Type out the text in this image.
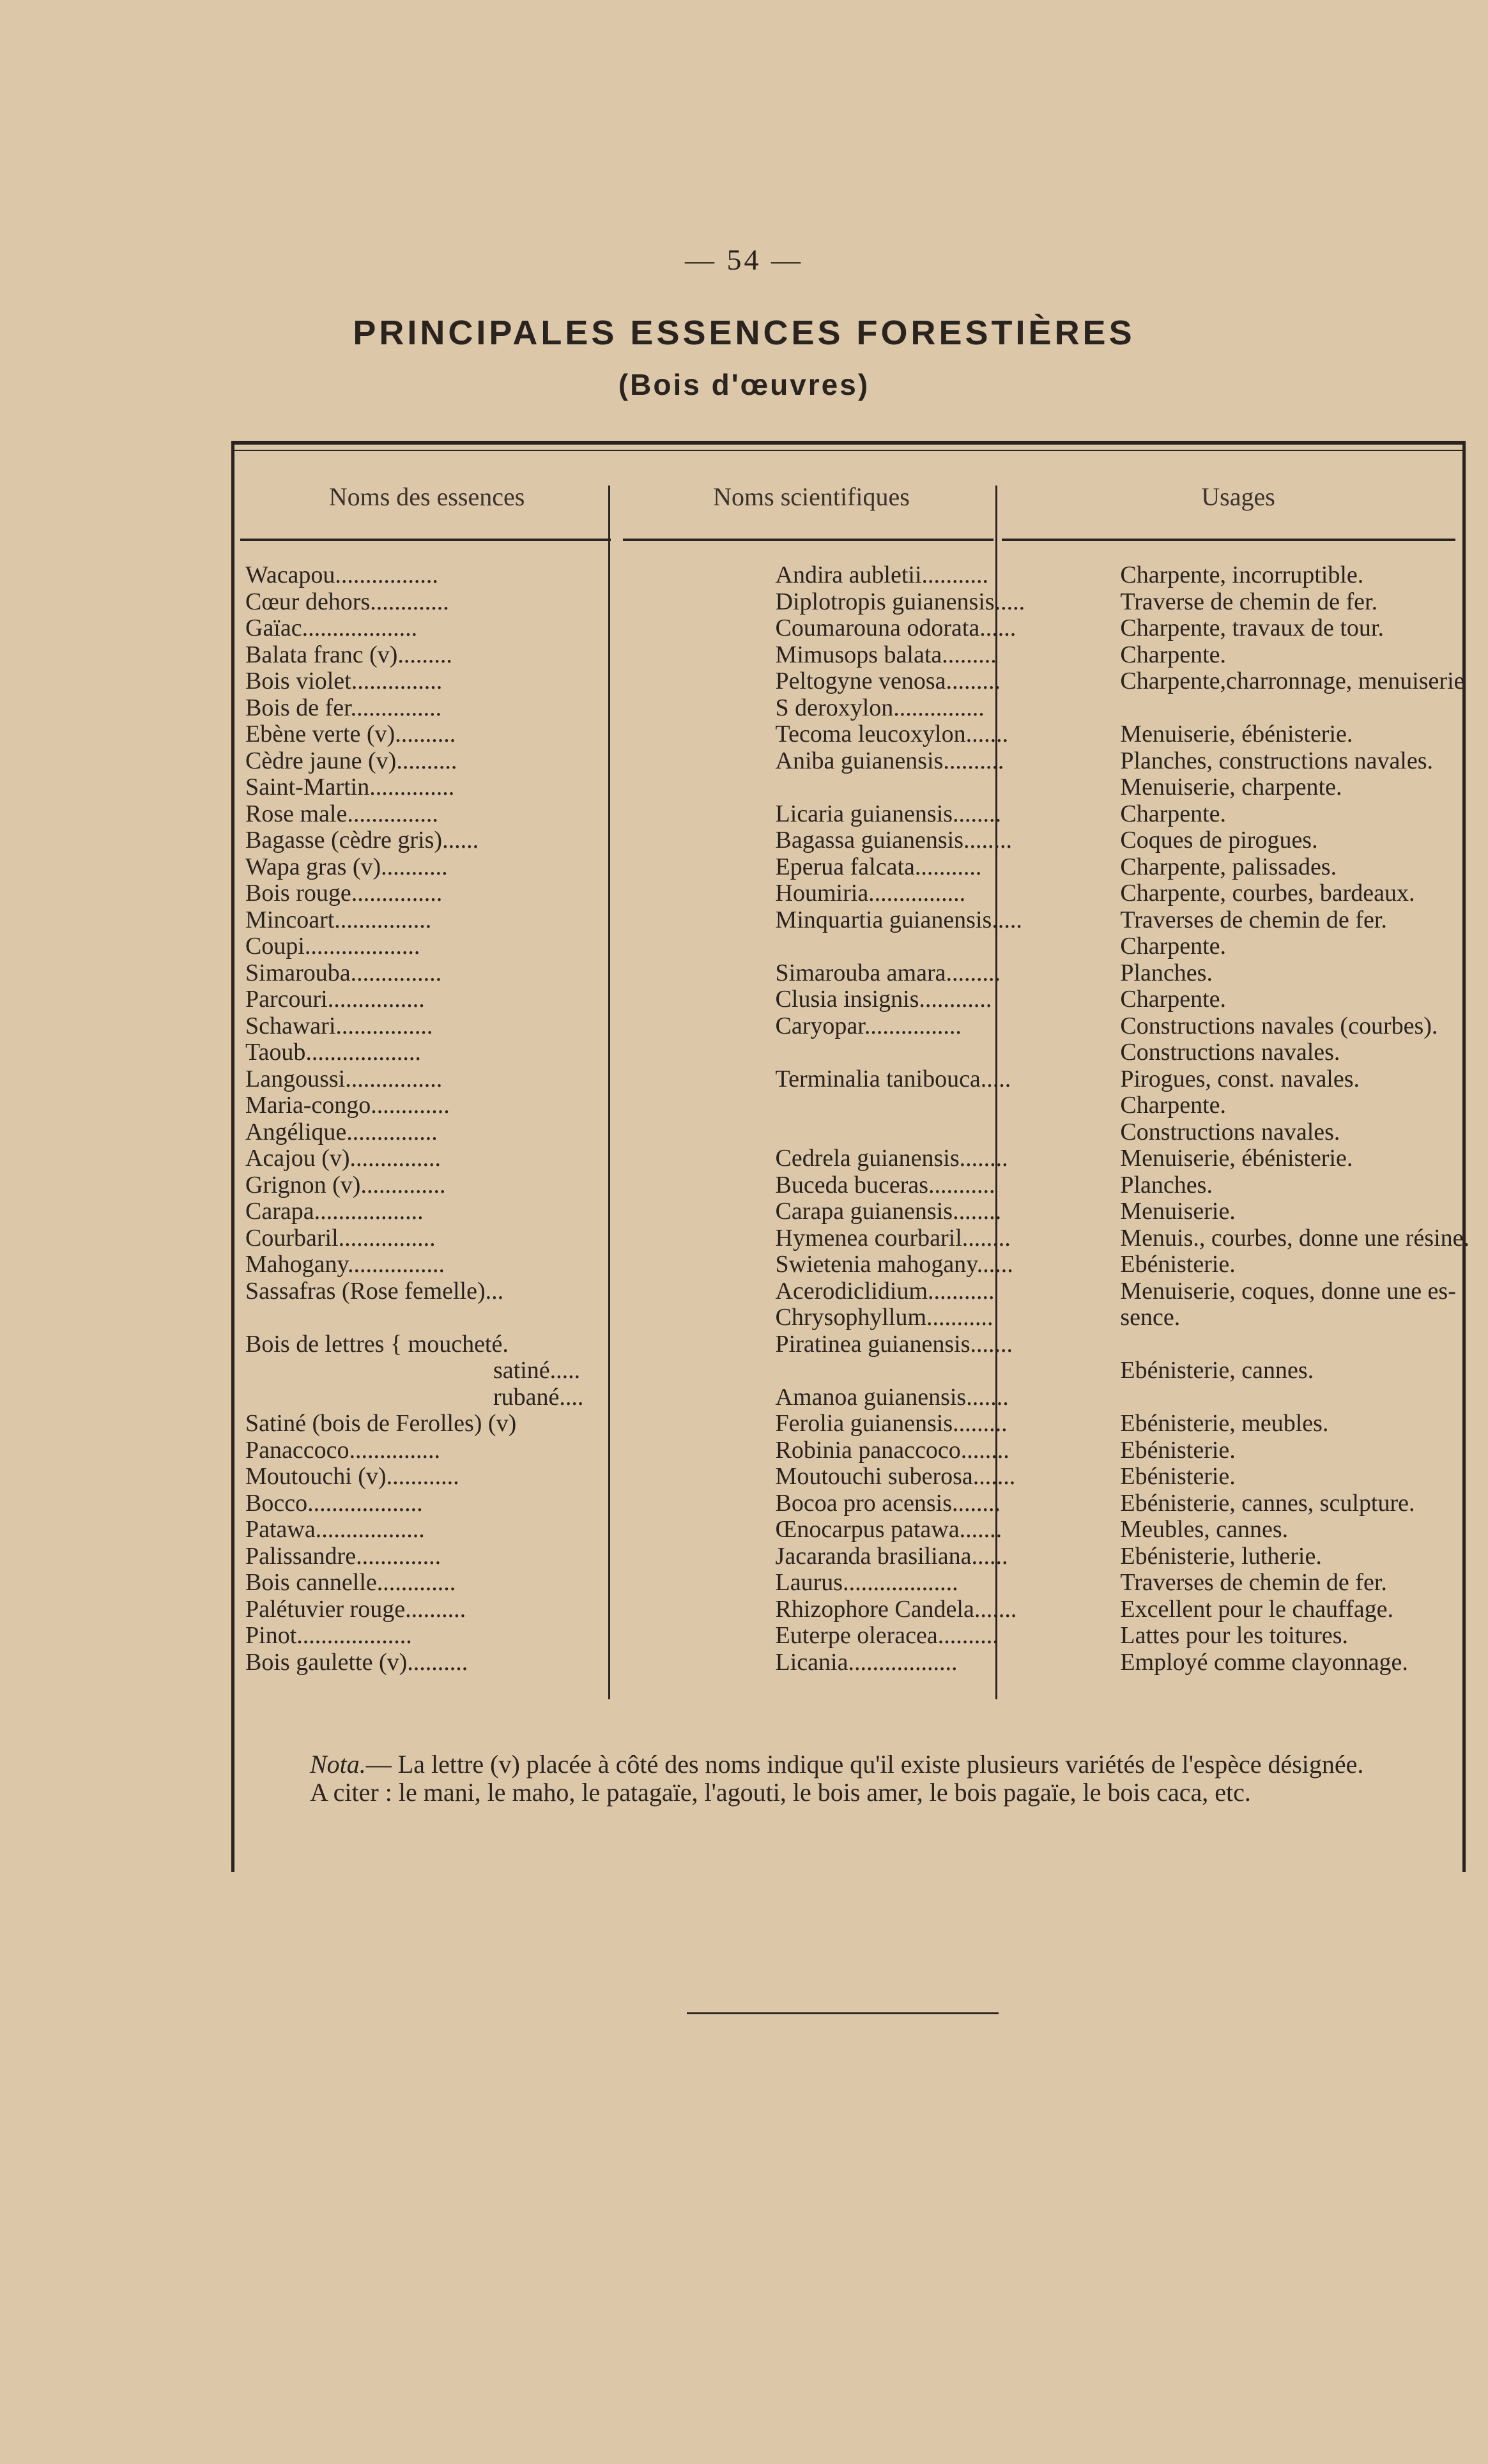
— 54 —
PRINCIPALES ESSENCES FORESTIÈRES
(Bois d'œuvres)
Noms des essences	Noms scientifiques	Usages
Wacapou.................	Andira aubletii...........	Charpente, incorruptible.
Cœur dehors.............	Diplotropis guianensis.....	Traverse de chemin de fer.
Gaïac...................	Coumarouna odorata......	Charpente, travaux de tour.
Balata franc (v).........	Mimusops balata.........	Charpente.
Bois violet...............	Peltogyne venosa.........	Charpente,charronnage, menuiserie
Bois de fer...............	S deroxylon...............	
Ebène verte (v)..........	Tecoma leucoxylon.......	Menuiserie, ébénisterie.
Cèdre jaune (v)..........	Aniba guianensis..........	Planches, constructions navales.
Saint-Martin..............		Menuiserie, charpente.
Rose male...............	Licaria guianensis........	Charpente.
Bagasse (cèdre gris)......	Bagassa guianensis........	Coques de pirogues.
Wapa gras (v)...........	Eperua falcata...........	Charpente, palissades.
Bois rouge...............	Houmiria................	Charpente, courbes, bardeaux.
Mincoart................	Minquartia guianensis.....	Traverses de chemin de fer.
Coupi...................		Charpente.
Simarouba...............	Simarouba amara.........	Planches.
Parcouri................	Clusia insignis............	Charpente.
Schawari................	Caryopar................	Constructions navales (courbes).
Taoub...................		Constructions navales.
Langoussi................	Terminalia tanibouca.....	Pirogues, const. navales.
Maria-congo.............		Charpente.
Angélique...............		Constructions navales.
Acajou (v)...............	Cedrela guianensis........	Menuiserie, ébénisterie.
Grignon (v)..............	Buceda buceras...........	Planches.
Carapa..................	Carapa guianensis........	Menuiserie.
Courbaril................	Hymenea courbaril........	Menuis., courbes, donne une résine.
Mahogany................	Swietenia mahogany......	Ebénisterie.
Sassafras (Rose femelle)...	Acerodiclidium...........	Menuiserie, coques, donne une es-
	Chrysophyllum...........	sence.
Bois de lettres { moucheté.	Piratinea guianensis.......	
satiné.....		Ebénisterie, cannes.
rubané....	Amanoa guianensis.......	
Satiné (bois de Ferolles) (v)	Ferolia guianensis.........	Ebénisterie, meubles.
Panaccoco...............	Robinia panaccoco........	Ebénisterie.
Moutouchi (v)............	Moutouchi suberosa.......	Ebénisterie.
Bocco...................	Bocoa pro acensis........	Ebénisterie, cannes, sculpture.
Patawa..................	Œnocarpus patawa.......	Meubles, cannes.
Palissandre..............	Jacaranda brasiliana......	Ebénisterie, lutherie.
Bois cannelle.............	Laurus...................	Traverses de chemin de fer.
Palétuvier rouge..........	Rhizophore Candela.......	Excellent pour le chauffage.
Pinot...................	Euterpe oleracea..........	Lattes pour les toitures.
Bois gaulette (v)..........	Licania..................	Employé comme clayonnage.

Nota.— La lettre (v) placée à côté des noms indique qu'il existe plusieurs variétés de l'espèce désignée.

A citer : le mani, le maho, le patagaïe, l'agouti, le bois amer, le bois pagaïe, le bois caca, etc.
